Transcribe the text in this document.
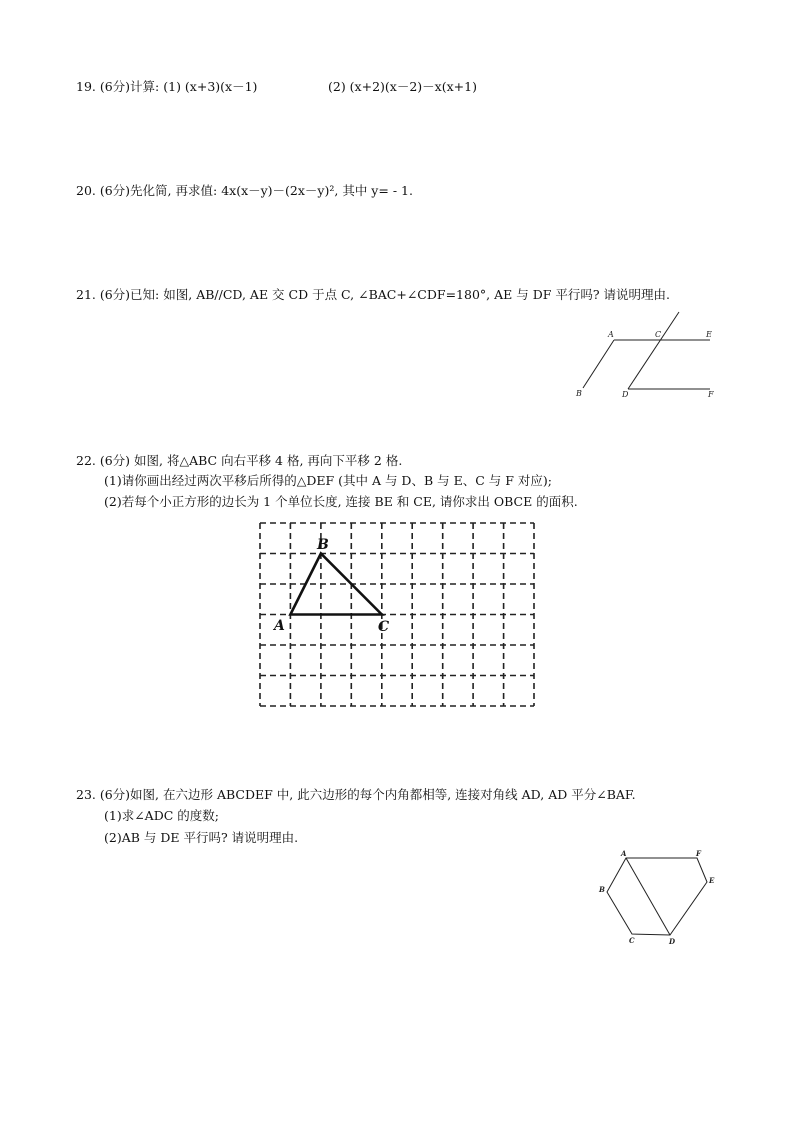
19. (6分)计算: (1) (x+3)(x－1)	(2) (x+2)(x－2)－x(x+1)
20. (6分)先化简, 再求值: 4x(x－y)－(2x－y)², 其中 y= - 1.
21. (6分)已知: 如图, AB//CD, AE 交 CD 于点 C, ∠BAC+∠CDF=180°, AE 与 DF 平行吗? 请说明理由.
A	C	E
B	D	F
22. (6分) 如图, 将△ABC 向右平移 4 格, 再向下平移 2 格.
(1)请你画出经过两次平移后所得的△DEF (其中 A 与 D、B 与 E、C 与 F 对应);
(2)若每个小正方形的边长为 1 个单位长度, 连接 BE 和 CE, 请你求出 OBCE 的面积.
A
B
C
23. (6分)如图, 在六边形 ABCDEF 中, 此六边形的每个内角都相等, 连接对角线 AD, AD 平分∠BAF.
(1)求∠ADC 的度数;
(2)AB 与 DE 平行吗? 请说明理由.
A	F
B
E
C	D
